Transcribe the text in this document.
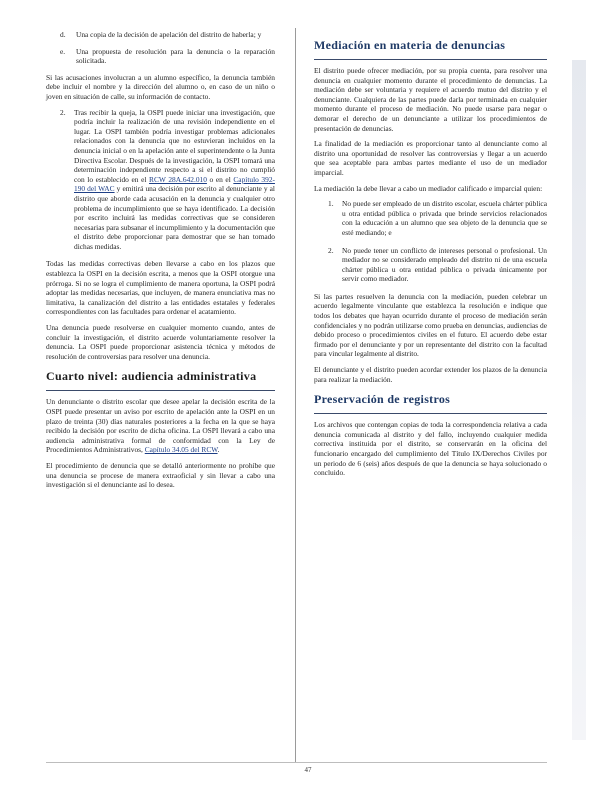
d. Una copia de la decisión de apelación del distrito de haberla; y
e. Una propuesta de resolución para la denuncia o la reparación solicitada.

Si las acusaciones involucran a un alumno específico, la denuncia también debe incluir el nombre y la dirección del alumno o, en caso de un niño o joven en situación de calle, su información de contacto.

2. Tras recibir la queja, la OSPI puede iniciar una investigación, que podría incluir la realización de una revisión independiente en el lugar. La OSPI también podría investigar problemas adicionales relacionados con la denuncia que no estuvieran incluidos en la denuncia inicial o en la apelación ante el superintendente o la Junta Directiva Escolar. Después de la investigación, la OSPI tomará una determinación independiente respecto a si el distrito no cumplió con lo establecido en el RCW 28A.642.010 o en el Capítulo 392-190 del WAC y emitirá una decisión por escrito al denunciante y al distrito que aborde cada acusación en la denuncia y cualquier otro problema de incumplimiento que se haya identificado. La decisión por escrito incluirá las medidas correctivas que se consideren necesarias para subsanar el incumplimiento y la documentación que el distrito debe proporcionar para demostrar que se han tomado dichas medidas.

Todas las medidas correctivas deben llevarse a cabo en los plazos que establezca la OSPI en la decisión escrita, a menos que la OSPI otorgue una prórroga. Si no se logra el cumplimiento de manera oportuna, la OSPI podrá adoptar las medidas necesarias, que incluyen, de manera enunciativa mas no limitativa, la canalización del distrito a las entidades estatales y federales correspondientes con las facultades para ordenar el acatamiento.

Una denuncia puede resolverse en cualquier momento cuando, antes de concluir la investigación, el distrito acuerde voluntariamente resolver la denuncia. La OSPI puede proporcionar asistencia técnica y métodos de resolución de controversias para resolver una denuncia.

Cuarto nivel: audiencia administrativa

Un denunciante o distrito escolar que desee apelar la decisión escrita de la OSPI puede presentar un aviso por escrito de apelación ante la OSPI en un plazo de treinta (30) días naturales posteriores a la fecha en la que se haya recibido la decisión por escrito de dicha oficina. La OSPI llevará a cabo una audiencia administrativa formal de conformidad con la Ley de Procedimientos Administrativos, Capítulo 34.05 del RCW.

El procedimiento de denuncia que se detalló anteriormente no prohíbe que una denuncia se procese de manera extraoficial y sin llevar a cabo una investigación si el denunciante así lo desea.

Mediación en materia de denuncias

El distrito puede ofrecer mediación, por su propia cuenta, para resolver una denuncia en cualquier momento durante el procedimiento de denuncias. La mediación debe ser voluntaria y requiere el acuerdo mutuo del distrito y el denunciante. Cualquiera de las partes puede darla por terminada en cualquier momento durante el proceso de mediación. No puede usarse para negar o demorar el derecho de un denunciante a utilizar los procedimientos de presentación de denuncias.

La finalidad de la mediación es proporcionar tanto al denunciante como al distrito una oportunidad de resolver las controversias y llegar a un acuerdo que sea aceptable para ambas partes mediante el uso de un mediador imparcial.

La mediación la debe llevar a cabo un mediador calificado e imparcial quien:

1. No puede ser empleado de un distrito escolar, escuela chárter pública u otra entidad pública o privada que brinde servicios relacionados con la educación a un alumno que sea objeto de la denuncia que se esté mediando; e
2. No puede tener un conflicto de intereses personal o profesional. Un mediador no se considerado empleado del distrito ni de una escuela chárter pública u otra entidad pública o privada únicamente por servir como mediador.

Si las partes resuelven la denuncia con la mediación, pueden celebrar un acuerdo legalmente vinculante que establezca la resolución e indique que todos los debates que hayan ocurrido durante el proceso de mediación serán confidenciales y no podrán utilizarse como prueba en denuncias, audiencias de debido proceso o procedimientos civiles en el futuro. El acuerdo debe estar firmado por el denunciante y por un representante del distrito con la facultad para vincular legalmente al distrito.

El denunciante y el distrito pueden acordar extender los plazos de la denuncia para realizar la mediación.

Preservación de registros

Los archivos que contengan copias de toda la correspondencia relativa a cada denuncia comunicada al distrito y del fallo, incluyendo cualquier medida correctiva instituida por el distrito, se conservarán en la oficina del funcionario encargado del cumplimiento del Título IX/Derechos Civiles por un periodo de 6 (seis) años después de que la denuncia se haya solucionado o concluido.

47
